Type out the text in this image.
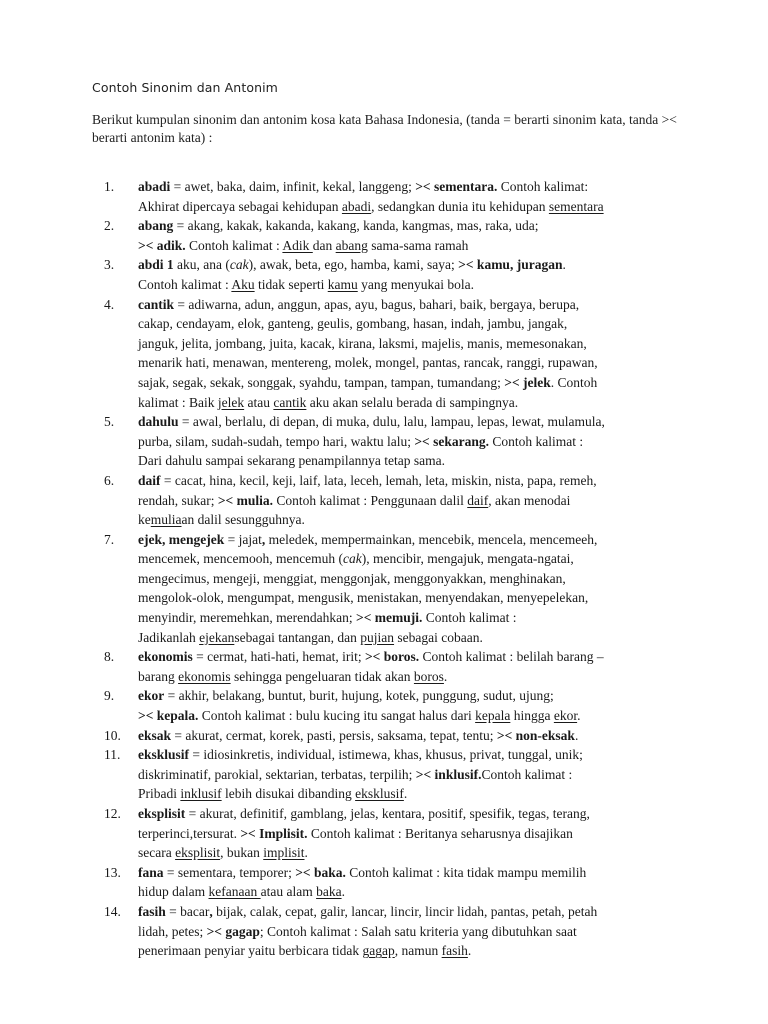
Contoh Sinonim dan Antonim
Berikut kumpulan sinonim dan antonim kosa kata Bahasa Indonesia, (tanda = berarti sinonim kata, tanda >< berarti antonim kata) :
1.	abadi = awet, baka, daim, infinit, kekal, langgeng; >< sementara. Contoh kalimat:
Akhirat dipercaya sebagai kehidupan abadi, sedangkan dunia itu kehidupan sementara
2.	abang = akang, kakak, kakanda, kakang, kanda, kangmas, mas, raka, uda;
>< adik. Contoh kalimat : Adik dan abang sama-sama ramah
3.	abdi 1 aku, ana (cak), awak, beta, ego, hamba, kami, saya; >< kamu, juragan.
Contoh kalimat : Aku tidak seperti kamu yang menyukai bola.
4.	cantik = adiwarna, adun, anggun, apas, ayu, bagus, bahari, baik, bergaya, berupa,
cakap, cendayam, elok, ganteng, geulis, gombang, hasan, indah, jambu, jangak,
janguk, jelita, jombang, juita, kacak, kirana, laksmi, majelis, manis, memesonakan,
menarik hati, menawan, mentereng, molek, mongel, pantas, rancak, ranggi, rupawan,
sajak, segak, sekak, songgak, syahdu, tampan, tampan, tumandang; >< jelek. Contoh
kalimat : Baik jelek atau cantik aku akan selalu berada di sampingnya.
5.	dahulu = awal, berlalu, di depan, di muka, dulu, lalu, lampau, lepas, lewat, mulamula,
purba, silam, sudah-sudah, tempo hari, waktu lalu; >< sekarang. Contoh kalimat :
Dari dahulu sampai sekarang penampilannya tetap sama.
6.	daif = cacat, hina, kecil, keji, laif, lata, leceh, lemah, leta, miskin, nista, papa, remeh,
rendah, sukar; >< mulia. Contoh kalimat : Penggunaan dalil daif, akan menodai
kemuliaan dalil sesungguhnya.
7.	ejek, mengejek = jajat, meledek, mempermainkan, mencebik, mencela, mencemeeh,
mencemek, mencemooh, mencemuh (cak), mencibir, mengajuk, mengata-ngatai,
mengecimus, mengeji, menggiat, menggonjak, menggonyakkan, menghinakan,
mengolok-olok, mengumpat, mengusik, menistakan, menyendakan, menyepelekan,
menyindir, meremehkan, merendahkan; >< memuji. Contoh kalimat :
Jadikanlah ejekansebagai tantangan, dan pujian sebagai cobaan.
8.	ekonomis = cermat, hati-hati, hemat, irit; >< boros. Contoh kalimat : belilah barang –
barang ekonomis sehingga pengeluaran tidak akan boros.
9.	ekor = akhir, belakang, buntut, burit, hujung, kotek, punggung, sudut, ujung;
>< kepala. Contoh kalimat : bulu kucing itu sangat halus dari kepala hingga ekor.
10.	eksak = akurat, cermat, korek, pasti, persis, saksama, tepat, tentu; >< non-eksak.
11.	eksklusif = idiosinkretis, individual, istimewa, khas, khusus, privat, tunggal, unik;
diskriminatif, parokial, sektarian, terbatas, terpilih; >< inklusif.Contoh kalimat :
Pribadi inklusif lebih disukai dibanding eksklusif.
12.	eksplisit = akurat, definitif, gamblang, jelas, kentara, positif, spesifik, tegas, terang,
terperinci,tersurat. >< Implisit. Contoh kalimat : Beritanya seharusnya disajikan
secara eksplisit, bukan implisit.
13.	fana = sementara, temporer; >< baka. Contoh kalimat : kita tidak mampu memilih
hidup dalam kefanaan atau alam baka.
14.	fasih = bacar, bijak, calak, cepat, galir, lancar, lincir, lincir lidah, pantas, petah, petah
lidah, petes; >< gagap; Contoh kalimat : Salah satu kriteria yang dibutuhkan saat
penerimaan penyiar yaitu berbicara tidak gagap, namun fasih.
